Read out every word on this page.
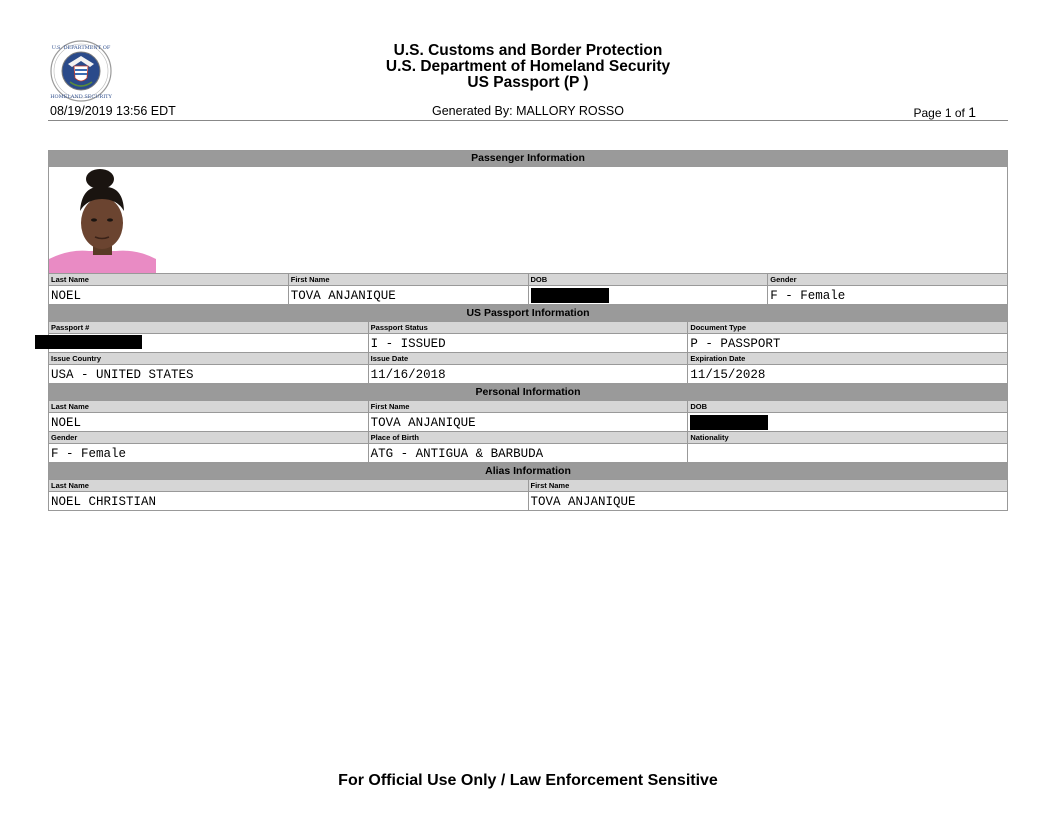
U.S. DEPARTMENT OF
HOMELAND SECURITY
U.S. Customs and Border Protection
U.S. Department of Homeland Security
US Passport (P )
08/19/2019 13:56 EDT	Generated By: MALLORY ROSSO	Page 1 of 1
Passenger Information			

Last Name	First Name	DOB	Gender
NOEL	TOVA ANJANIQUE		F - Female
US Passport Information		
Passport #	Passport Status	Document Type

	I - ISSUED	P - PASSPORT
Issue Country	Issue Date	Expiration Date
USA - UNITED STATES	11/16/2018	11/15/2028
Personal Information		
Last Name	First Name	DOB
NOEL	TOVA ANJANIQUE	
Gender	Place of Birth	Nationality
F - Female	ATG - ANTIGUA & BARBUDA	
Alias Information	
Last Name	First Name
NOEL CHRISTIAN	TOVA ANJANIQUE
For Official Use Only / Law Enforcement Sensitive
